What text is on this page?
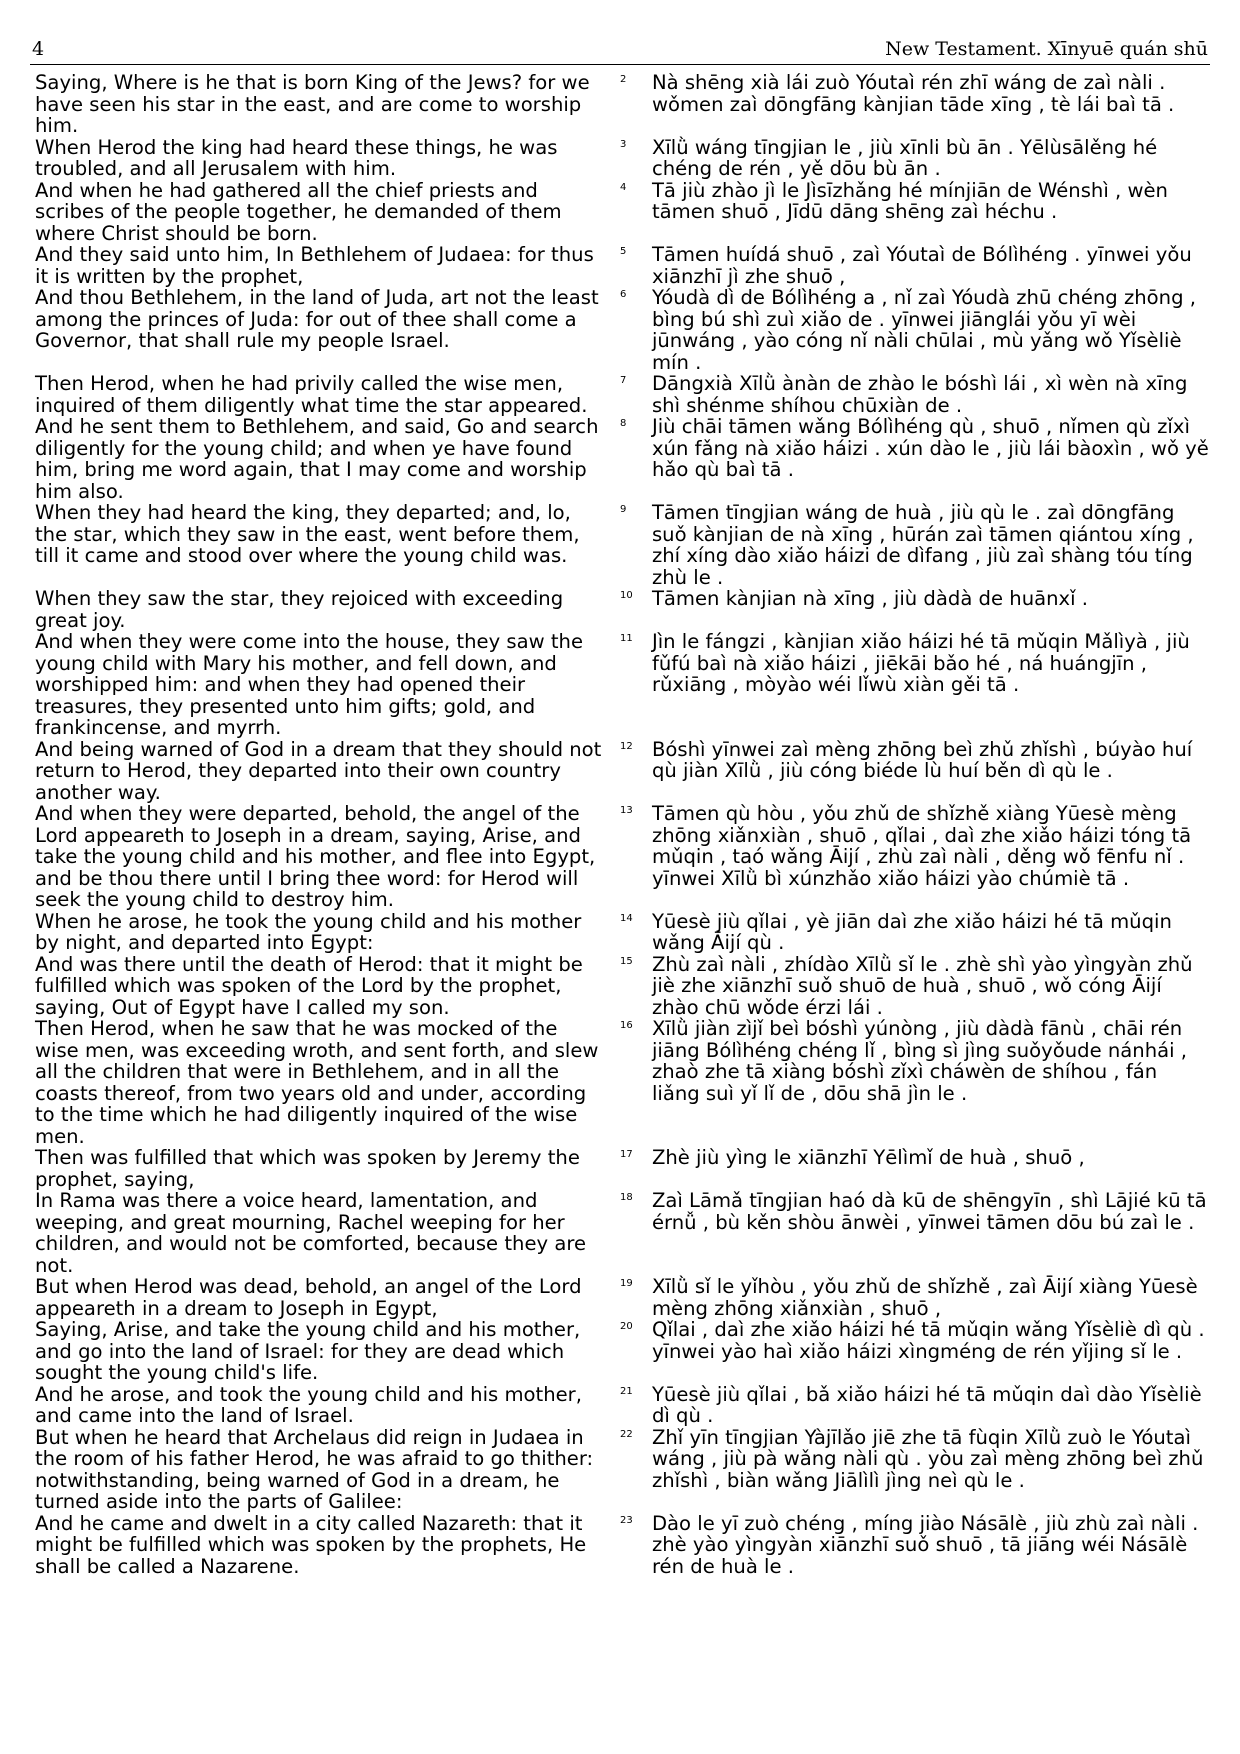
4	New Testament. Xīnyuē quán shū
Saying, Where is he that is born King of the Jews? for we have seen his star in the east, and are come to worship him.
2	Nà shēng xià lái zuò Yóutaì rén zhī wáng de zaì nàli . wǒmen zaì dōngfāng kànjian tāde xīng , tè lái baì tā .
When Herod the king had heard these things, he was troubled, and all Jerusalem with him.
3	Xīlǜ wáng tīngjian le , jiù xīnli bù ān . Yēlùsālěng hé chéng de rén , yě dōu bù ān .
And when he had gathered all the chief priests and scribes of the people together, he demanded of them where Christ should be born.
4	Tā jiù zhào jì le Jìsīzhǎng hé mínjiān de Wénshì , wèn tāmen shuō , Jīdū dāng shēng zaì héchu .
And they said unto him, In Bethlehem of Judaea: for thus it is written by the prophet,
5	Tāmen huídá shuō , zaì Yóutaì de Bólìhéng . yīnwei yǒu xiānzhī jì zhe shuō ,
And thou Bethlehem, in the land of Juda, art not the least among the princes of Juda: for out of thee shall come a Governor, that shall rule my people Israel.
6	Yóudà dì de Bólìhéng a , nǐ zaì Yóudà zhū chéng zhōng , bìng bú shì zuì xiǎo de . yīnwei jiānglái yǒu yī wèi jūnwáng , yào cóng nǐ nàli chūlai , mù yǎng wǒ Yǐsèliè mín .
Then Herod, when he had privily called the wise men, inquired of them diligently what time the star appeared.
7	Dāngxià Xīlǜ ànàn de zhào le bóshì lái , xì wèn nà xīng shì shénme shíhou chūxiàn de .
And he sent them to Bethlehem, and said, Go and search diligently for the young child; and when ye have found him, bring me word again, that I may come and worship him also.
8	Jiù chāi tāmen wǎng Bólìhéng qù , shuō , nǐmen qù zǐxì xún fǎng nà xiǎo háizi . xún dào le , jiù lái bàoxìn , wǒ yě hǎo qù baì tā .
When they had heard the king, they departed; and, lo, the star, which they saw in the east, went before them, till it came and stood over where the young child was.
9	Tāmen tīngjian wáng de huà , jiù qù le . zaì dōngfāng suǒ kànjian de nà xīng , hūrán zaì tāmen qiántou xíng , zhí xíng dào xiǎo háizi de dìfang , jiù zaì shàng tóu tíng zhù le .
When they saw the star, they rejoiced with exceeding great joy.
10 Tāmen kànjian nà xīng , jiù dàdà de huānxǐ .
And when they were come into the house, they saw the young child with Mary his mother, and fell down, and worshipped him: and when they had opened their treasures, they presented unto him gifts; gold, and frankincense, and myrrh.
11 Jìn le fángzi , kànjian xiǎo háizi hé tā mǔqin Mǎlìyà , jiù fǔfú baì nà xiǎo háizi , jiēkāi bǎo hé , ná huángjīn , rǔxiāng , mòyào wéi lǐwù xiàn gěi tā .
And being warned of God in a dream that they should not return to Herod, they departed into their own country another way.
12 Bóshì yīnwei zaì mèng zhōng beì zhǔ zhǐshì , búyào huí qù jiàn Xīlǜ , jiù cóng biéde lù huí běn dì qù le .
And when they were departed, behold, the angel of the Lord appeareth to Joseph in a dream, saying, Arise, and take the young child and his mother, and flee into Egypt, and be thou there until I bring thee word: for Herod will seek the young child to destroy him.
13 Tāmen qù hòu , yǒu zhǔ de shǐzhě xiàng Yūesè mèng zhōng xiǎnxiàn , shuō , qǐlai , daì zhe xiǎo háizi tóng tā mǔqin , taó wǎng Āijí , zhù zaì nàli , děng wǒ fēnfu nǐ . yīnwei Xīlǜ bì xúnzhǎo xiǎo háizi yào chúmiè tā .
When he arose, he took the young child and his mother by night, and departed into Egypt:
14 Yūesè jiù qǐlai , yè jiān daì zhe xiǎo háizi hé tā mǔqin wǎng Āijí qù .
And was there until the death of Herod: that it might be fulfilled which was spoken of the Lord by the prophet, saying, Out of Egypt have I called my son.
15 Zhù zaì nàli , zhídào Xīlǜ sǐ le . zhè shì yào yìngyàn zhǔ jiè zhe xiānzhī suǒ shuō de huà , shuō , wǒ cóng Āijí zhào chū wǒde érzi lái .
Then Herod, when he saw that he was mocked of the wise men, was exceeding wroth, and sent forth, and slew all the children that were in Bethlehem, and in all the coasts thereof, from two years old and under, according to the time which he had diligently inquired of the wise men.
16 Xīlǜ jiàn zìjǐ beì bóshì yúnòng , jiù dàdà fānù , chāi rén jiāng Bólìhéng chéng lǐ , bìng sì jìng suǒyǒude nánhái , zhaò zhe tā xiàng bóshì zǐxì cháwèn de shíhou , fán liǎng suì yǐ lǐ de , dōu shā jìn le .
Then was fulfilled that which was spoken by Jeremy the prophet, saying,
17 Zhè jiù yìng le xiānzhī Yēlìmǐ de huà , shuō ,
In Rama was there a voice heard, lamentation, and weeping, and great mourning, Rachel weeping for her children, and would not be comforted, because they are not.
18 Zaì Lāmǎ tīngjian haó dà kū de shēngyīn , shì Lājié kū tā érnǚ , bù kěn shòu ānwèi , yīnwei tāmen dōu bú zaì le .
But when Herod was dead, behold, an angel of the Lord appeareth in a dream to Joseph in Egypt,
19 Xīlǜ sǐ le yǐhòu , yǒu zhǔ de shǐzhě , zaì Āijí xiàng Yūesè mèng zhōng xiǎnxiàn , shuō ,
Saying, Arise, and take the young child and his mother, and go into the land of Israel: for they are dead which sought the young child's life.
20 Qǐlai , daì zhe xiǎo háizi hé tā mǔqin wǎng Yǐsèliè dì qù . yīnwei yào haì xiǎo háizi xìngméng de rén yǐjing sǐ le .
And he arose, and took the young child and his mother, and came into the land of Israel.
21 Yūesè jiù qǐlai , bǎ xiǎo háizi hé tā mǔqin daì dào Yǐsèliè dì qù .
But when he heard that Archelaus did reign in Judaea in the room of his father Herod, he was afraid to go thither: notwithstanding, being warned of God in a dream, he turned aside into the parts of Galilee:
22 Zhǐ yīn tīngjian Yàjīlǎo jiē zhe tā fùqin Xīlǜ zuò le Yóutaì wáng , jiù pà wǎng nàli qù . yòu zaì mèng zhōng beì zhǔ zhǐshì , biàn wǎng Jiālìlì jìng neì qù le .
And he came and dwelt in a city called Nazareth: that it might be fulfilled which was spoken by the prophets, He shall be called a Nazarene.
23 Dào le yī zuò chéng , míng jiào Násālè , jiù zhù zaì nàli . zhè yào yìngyàn xiānzhī suǒ shuō , tā jiāng wéi Násālè rén de huà le .
